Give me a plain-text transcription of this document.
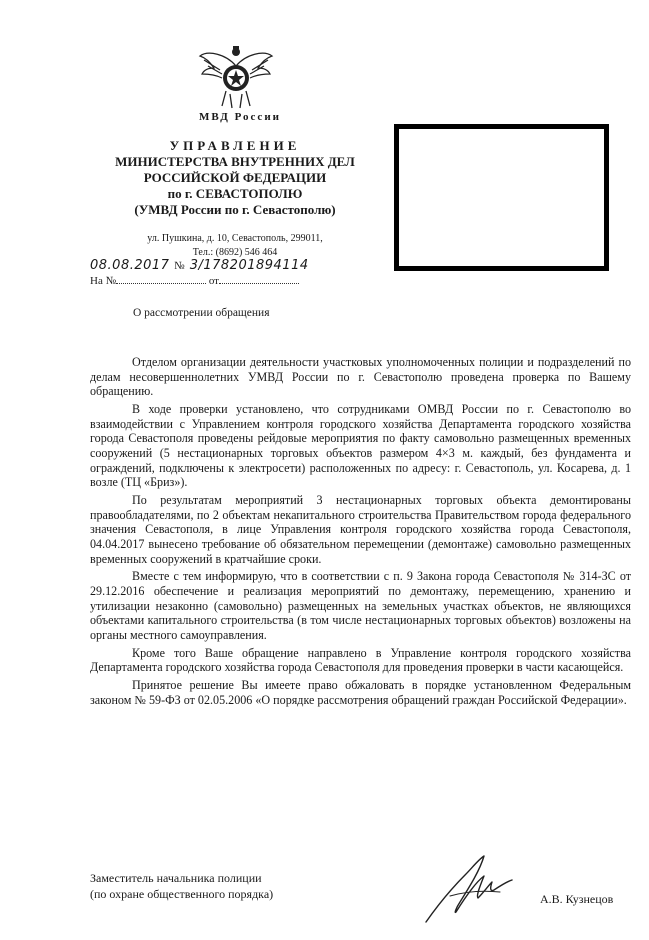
МВД России
УПРАВЛЕНИЕ
МИНИСТЕРСТВА ВНУТРЕННИХ ДЕЛ
РОССИЙСКОЙ ФЕДЕРАЦИИ
по г. СЕВАСТОПОЛЮ
(УМВД России по г. Севастополю)
ул. Пушкина, д. 10, Севастополь, 299011,
Тел.: (8692) 546 464
08.08.2017 № 3/178201894114
На №	от
О рассмотрении обращения

Отделом организации деятельности участковых уполномоченных полиции и подразделений по делам несовершеннолетних УМВД России по г. Севастополю проведена проверка по Вашему обращению.

В ходе проверки установлено, что сотрудниками ОМВД России по г. Севастополю во взаимодействии с Управлением контроля городского хозяйства Департамента городского хозяйства города Севастополя проведены рейдовые мероприятия по факту самовольно размещенных временных сооружений (5 нестационарных торговых объектов размером 4×3 м. каждый, без фундамента и ограждений, подключены к электросети) расположенных по адресу: г. Севастополь, ул. Косарева, д. 1 возле (ТЦ «Бриз»).

По результатам мероприятий 3 нестационарных торговых объекта демонтированы правообладателями, по 2 объектам некапитального строительства Правительством города федерального значения Севастополя, в лице Управления контроля городского хозяйства города Севастополя, 04.04.2017 вынесено требование об обязательном перемещении (демонтаже) самовольно размещенных временных сооружений в кратчайшие сроки.

Вместе с тем информирую, что в соответствии с п. 9 Закона города Севастополя № 314-ЗС от 29.12.2016 обеспечение и реализация мероприятий по демонтажу, перемещению, хранению и утилизации незаконно (самовольно) размещенных на земельных участках объектов, не являющихся объектами капитального строительства (в том числе нестационарных торговых объектов) возложены на органы местного самоуправления.

Кроме того Ваше обращение направлено в Управление контроля городского хозяйства Департамента городского хозяйства города Севастополя для проведения проверки в части касающейся.

Принятое решение Вы имеете право обжаловать в порядке установленном Федеральным законом № 59-ФЗ от 02.05.2006 «О порядке рассмотрения обращений граждан Российской Федерации».

Заместитель начальника полиции
(по охране общественного порядка)	А.В. Кузнецов
